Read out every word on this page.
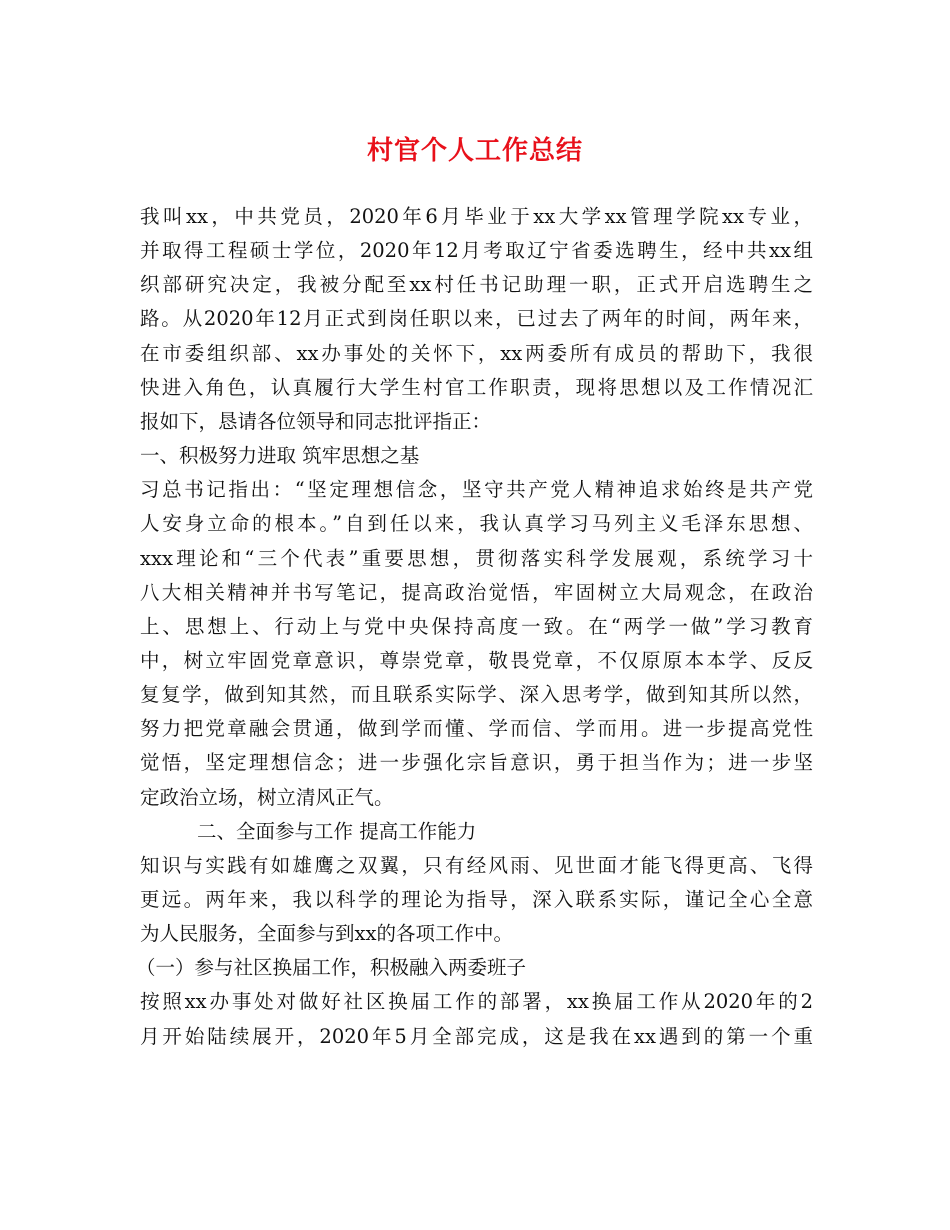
村官个人工作总结
我叫xx，中共党员，2020年6月毕业于xx大学xx管理学院xx专业，
并取得工程硕士学位，2020年12月考取辽宁省委选聘生，经中共xx组
织部研究决定，我被分配至xx村任书记助理一职，正式开启选聘生之
路。从2020年12月正式到岗任职以来，已过去了两年的时间，两年来，
在市委组织部、xx办事处的关怀下，xx两委所有成员的帮助下，我很
快进入角色，认真履行大学生村官工作职责，现将思想以及工作情况汇
报如下，恳请各位领导和同志批评指正：
一、积极努力进取 筑牢思想之基
习总书记指出：“坚定理想信念，坚守共产党人精神追求始终是共产党
人安身立命的根本。”自到任以来，我认真学习马列主义毛泽东思想、
xxx理论和“三个代表”重要思想，贯彻落实科学发展观，系统学习十
八大相关精神并书写笔记，提高政治觉悟，牢固树立大局观念，在政治
上、思想上、行动上与党中央保持高度一致。在“两学一做”学习教育
中，树立牢固党章意识，尊崇党章，敬畏党章，不仅原原本本学、反反
复复学，做到知其然，而且联系实际学、深入思考学，做到知其所以然，
努力把党章融会贯通，做到学而懂、学而信、学而用。进一步提高党性
觉悟，坚定理想信念；进一步强化宗旨意识，勇于担当作为；进一步坚
定政治立场，树立清风正气。
二、全面参与工作 提高工作能力
知识与实践有如雄鹰之双翼，只有经风雨、见世面才能飞得更高、飞得
更远。两年来，我以科学的理论为指导，深入联系实际，谨记全心全意
为人民服务，全面参与到xx的各项工作中。
（一）参与社区换届工作，积极融入两委班子
按照xx办事处对做好社区换届工作的部署，xx换届工作从2020年的2
月开始陆续展开，2020年5月全部完成，这是我在xx遇到的第一个重
